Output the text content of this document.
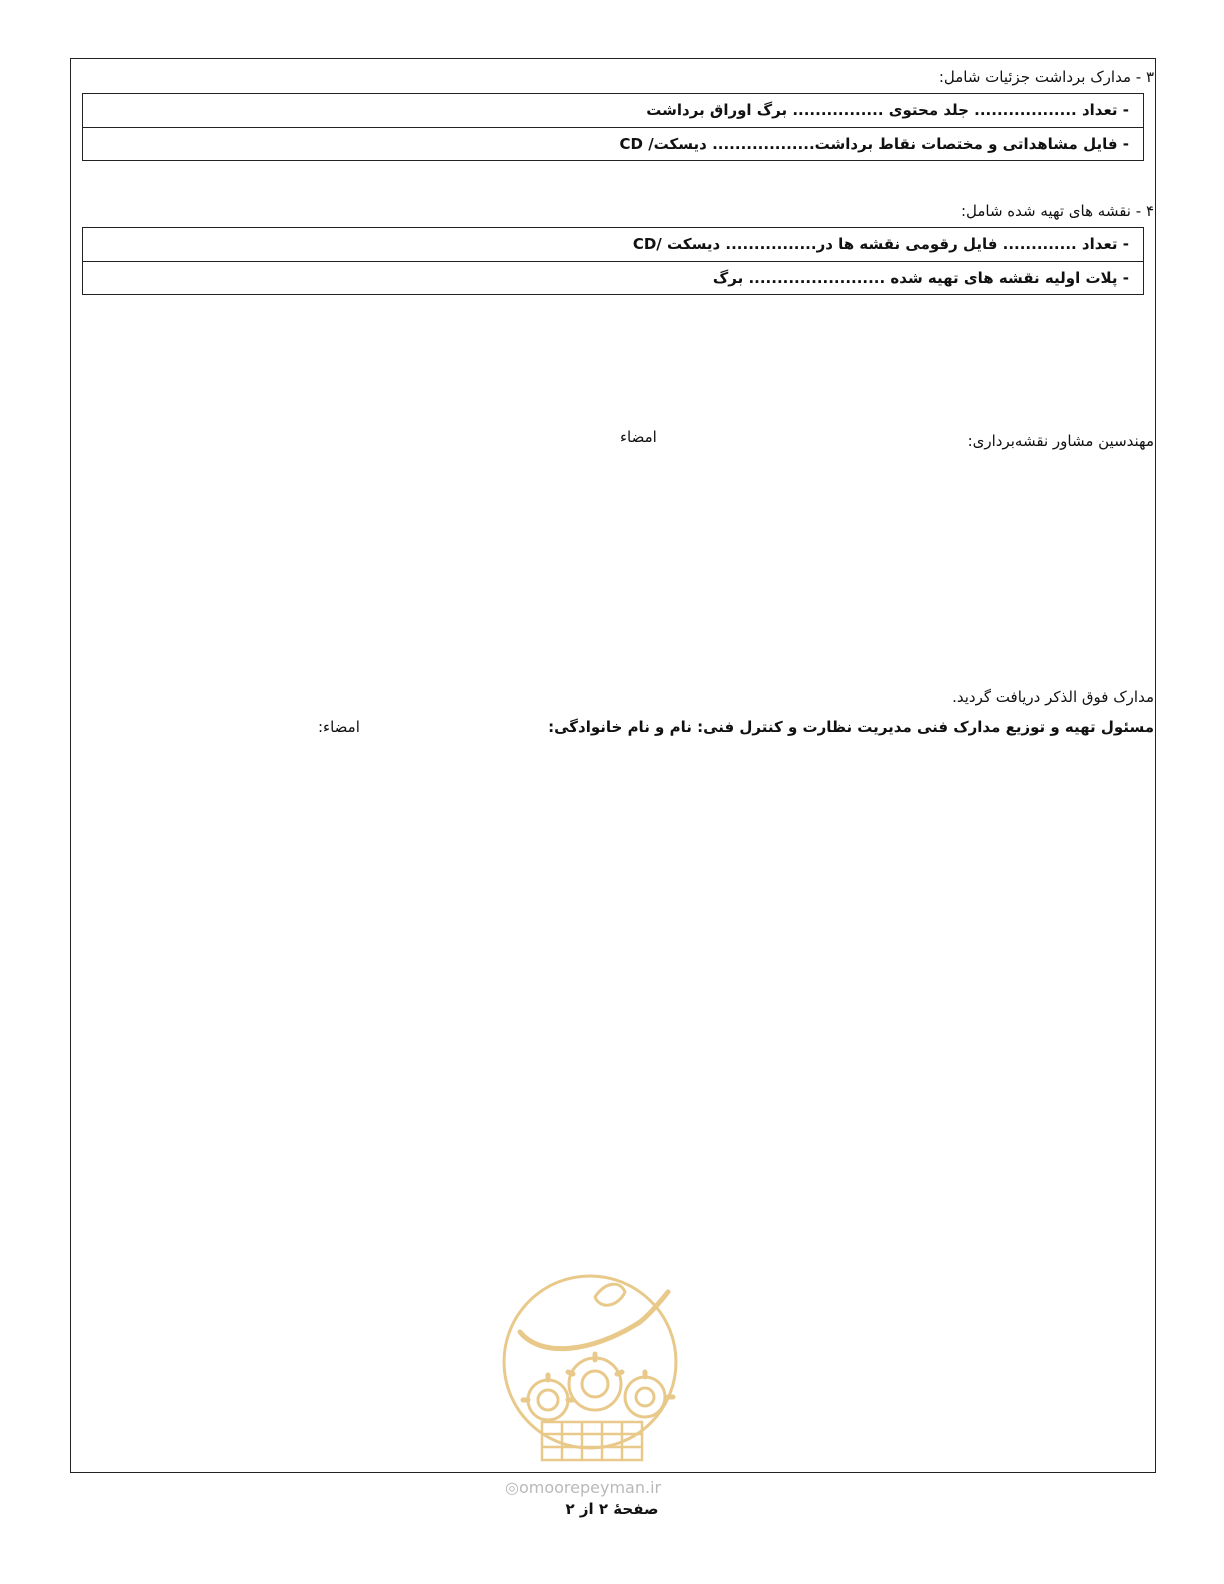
۳ - مدارک برداشت جزئیات شامل:
- تعداد .................. جلد محتوی ................ برگ اوراق برداشت
- فایل مشاهداتی و مختصات نقاط برداشت.................. دیسکت/ CD
۴ - نقشه های تهیه شده شامل:
- تعداد ............. فایل رقومی نقشه ها در................ دیسکت /CD
- پلات اولیه نقشه های تهیه شده ........................ برگ
مهندسین مشاور نقشه‌برداری:
امضاء
مدارک فوق الذکر دریافت گردید.
مسئول تهیه و توزیع مدارک فنی مدیریت نظارت و کنترل فنی: نام و نام خانوادگی:
امضاء:
◎omoorepeyman.ir
صفحهٔ ۲ از ۲
